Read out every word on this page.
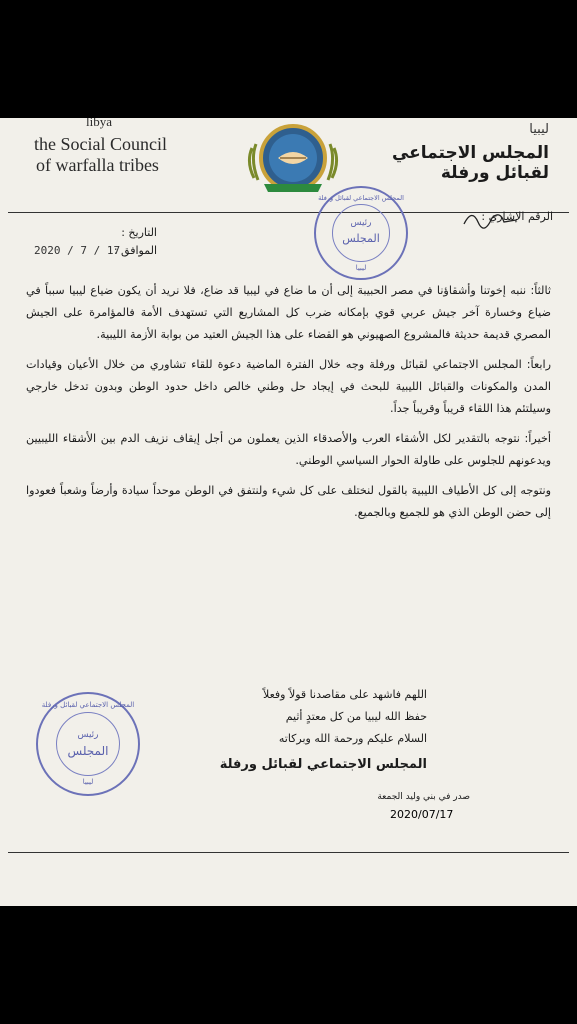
libya
the Social Council
of warfalla tribes
ليبيا
المجلس الاجتماعي
لقبائل ورفلة
الرقم الإشاري :
التاريخ :
الموافق :
2020 / 7 / 17
المجلس الاجتماعي لقبائل ورفلة
رئيس
المجلس
ليبيا

ثالثاً: ننبه إخوتنا وأشقاؤنا في مصر الحبيبة إلى أن ما ضاع في ليبيا قد ضاع، فلا نريد أن يكون ضياع ليبيا سبباً في ضياع وخسارة آخر جيش عربي قوي بإمكانه ضرب كل المشاريع التي تستهدف الأمة فالمؤامرة على الجيش المصري قديمة حديثة فالمشروع الصهيوني هو القضاء على هذا الجيش العتيد من بوابة الأزمة الليبية.

رابعاً: المجلس الاجتماعي لقبائل ورفلة وجه خلال الفترة الماضية دعوة للقاء تشاوري من خلال الأعيان وقيادات المدن والمكونات والقبائل الليبية للبحث في إيجاد حل وطني خالص داخل حدود الوطن وبدون تدخل خارجي وسيلتئم هذا اللقاء قريباً وقريباً جداً.

أخيراً: نتوجه بالتقدير لكل الأشقاء العرب والأصدقاء الذين يعملون من أجل إيقاف نزيف الدم بين الأشقاء الليبيين ويدعونهم للجلوس على طاولة الحوار السياسي الوطني.

ونتوجه إلى كل الأطياف الليبية بالقول لنختلف على كل شيء ولنتفق في الوطن موحداً سيادة وأرضاً وشعباً فعودوا إلى حضن الوطن الذي هو للجميع وبالجميع.

المجلس الاجتماعي لقبائل ورفلة
رئيس
المجلس
ليبيا
اللهم فاشهد على مقاصدنا قولاً وفعلاً
حفظ الله ليبيا من كل معتدٍ أثيم
السلام عليكم ورحمة الله وبركاته
المجلس الاجتماعي لقبائل ورفلة
صدر في بني وليد الجمعة
2020/07/17
